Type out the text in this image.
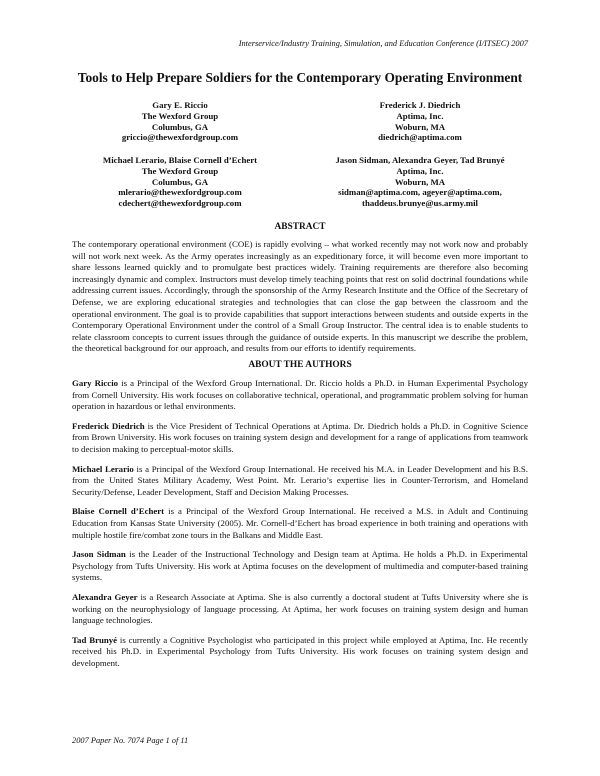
Interservice/Industry Training, Simulation, and Education Conference (I/ITSEC) 2007
Tools to Help Prepare Soldiers for the Contemporary Operating Environment
Gary E. Riccio
The Wexford Group
Columbus, GA
griccio@thewexfordgroup.com
Frederick J. Diedrich
Aptima, Inc.
Woburn, MA
diedrich@aptima.com
Michael Lerario, Blaise Cornell d’Echert
The Wexford Group
Columbus, GA
mlerario@thewexfordgroup.com
cdechert@thewexfordgroup.com
Jason Sidman, Alexandra Geyer, Tad Brunyé
Aptima, Inc.
Woburn, MA
sidman@aptima.com, ageyer@aptima.com,
thaddeus.brunye@us.army.mil
ABSTRACT

The contemporary operational environment (COE) is rapidly evolving – what worked recently may not work now and probably will not work next week. As the Army operates increasingly as an expeditionary force, it will become even more important to share lessons learned quickly and to promulgate best practices widely. Training requirements are therefore also becoming increasingly dynamic and complex. Instructors must develop timely teaching points that rest on solid doctrinal foundations while addressing current issues. Accordingly, through the sponsorship of the Army Research Institute and the Office of the Secretary of Defense, we are exploring educational strategies and technologies that can close the gap between the classroom and the operational environment. The goal is to provide capabilities that support interactions between students and outside experts in the Contemporary Operational Environment under the control of a Small Group Instructor. The central idea is to enable students to relate classroom concepts to current issues through the guidance of outside experts. In this manuscript we describe the problem, the theoretical background for our approach, and results from our efforts to identify requirements.

ABOUT THE AUTHORS

Gary Riccio is a Principal of the Wexford Group International. Dr. Riccio holds a Ph.D. in Human Experimental Psychology from Cornell University. His work focuses on collaborative technical, operational, and programmatic problem solving for human operation in hazardous or lethal environments.

Frederick Diedrich is the Vice President of Technical Operations at Aptima. Dr. Diedrich holds a Ph.D. in Cognitive Science from Brown University. His work focuses on training system design and development for a range of applications from teamwork to decision making to perceptual-motor skills.

Michael Lerario is a Principal of the Wexford Group International. He received his M.A. in Leader Development and his B.S. from the United States Military Academy, West Point. Mr. Lerario’s expertise lies in Counter-Terrorism, and Homeland Security/Defense, Leader Development, Staff and Decision Making Processes.

Blaise Cornell d’Echert is a Principal of the Wexford Group International. He received a M.S. in Adult and Continuing Education from Kansas State University (2005). Mr. Cornell-d’Echert has broad experience in both training and operations with multiple hostile fire/combat zone tours in the Balkans and Middle East.

Jason Sidman is the Leader of the Instructional Technology and Design team at Aptima. He holds a Ph.D. in Experimental Psychology from Tufts University. His work at Aptima focuses on the development of multimedia and computer-based training systems.

Alexandra Geyer is a Research Associate at Aptima. She is also currently a doctoral student at Tufts University where she is working on the neurophysiology of language processing. At Aptima, her work focuses on training system design and human language technologies.

Tad Brunyé is currently a Cognitive Psychologist who participated in this project while employed at Aptima, Inc. He recently received his Ph.D. in Experimental Psychology from Tufts University. His work focuses on training system design and development.

2007 Paper No. 7074 Page 1 of 11
